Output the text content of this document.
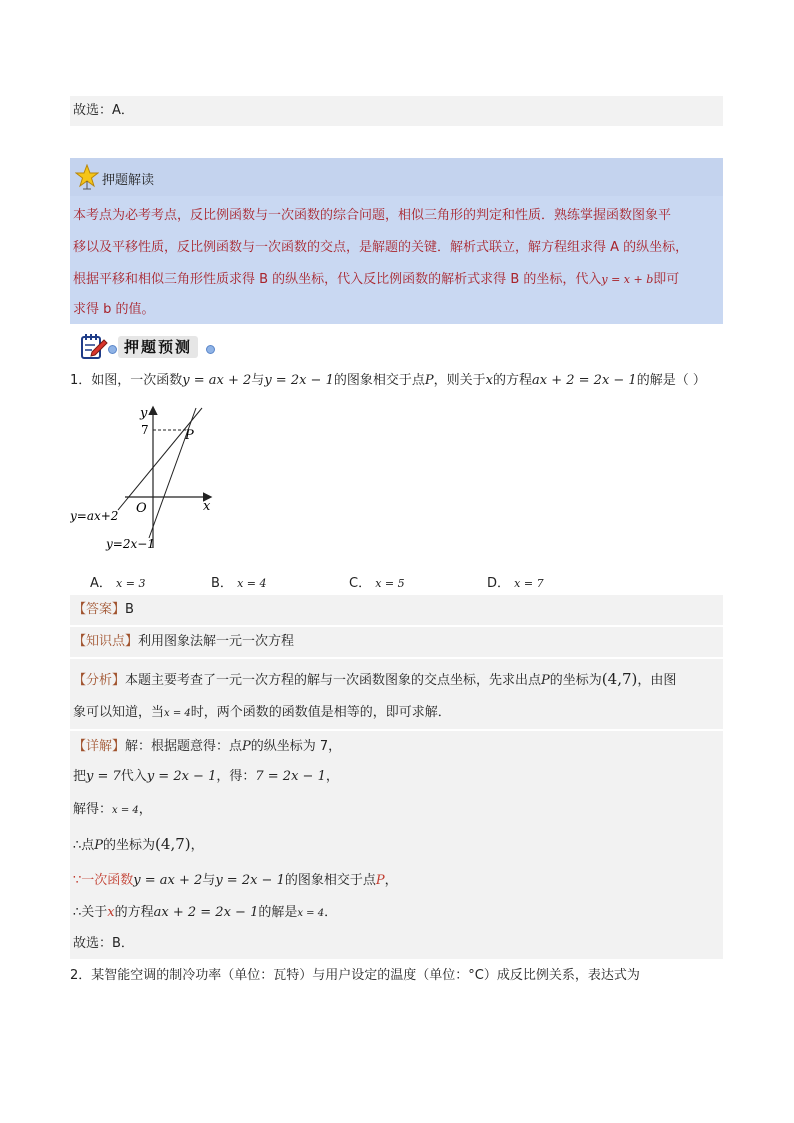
故选：A．
押题解读
本考点为必考考点，反比例函数与一次函数的综合问题，相似三角形的判定和性质．熟练掌握函数图象平
移以及平移性质，反比例函数与一次函数的交点，是解题的关键．解析式联立，解方程组求得 A 的纵坐标，
根据平移和相似三角形性质求得 B 的纵坐标，代入反比例函数的解析式求得 B 的坐标，代入y = x + b即可
求得 b 的值。
押题预测
1．如图，一次函数y = ax + 2与y = 2x − 1的图象相交于点P，则关于x的方程ax + 2 = 2x − 1的解是（ ）
y
x
O
P
7
y=ax+2
y=2x−1
A． x = 3	B． x = 4	C． x = 5	D． x = 7
【答案】B
【知识点】利用图象法解一元一次方程
【分析】本题主要考查了一元一次方程的解与一次函数图象的交点坐标，先求出点P的坐标为(4,7)，由图
象可以知道，当x = 4时，两个函数的函数值是相等的，即可求解．
【详解】解：根据题意得：点P的纵坐标为 7，
把y = 7代入y = 2x − 1，得：7 = 2x − 1，
解得：x = 4，
∴点P的坐标为(4,7)，
∵一次函数y = ax + 2与y = 2x − 1的图象相交于点P，
∴关于x的方程ax + 2 = 2x − 1的解是x = 4．
故选：B．
2．某智能空调的制冷功率（单位：瓦特）与用户设定的温度（单位：°C）成反比例关系，表达式为
